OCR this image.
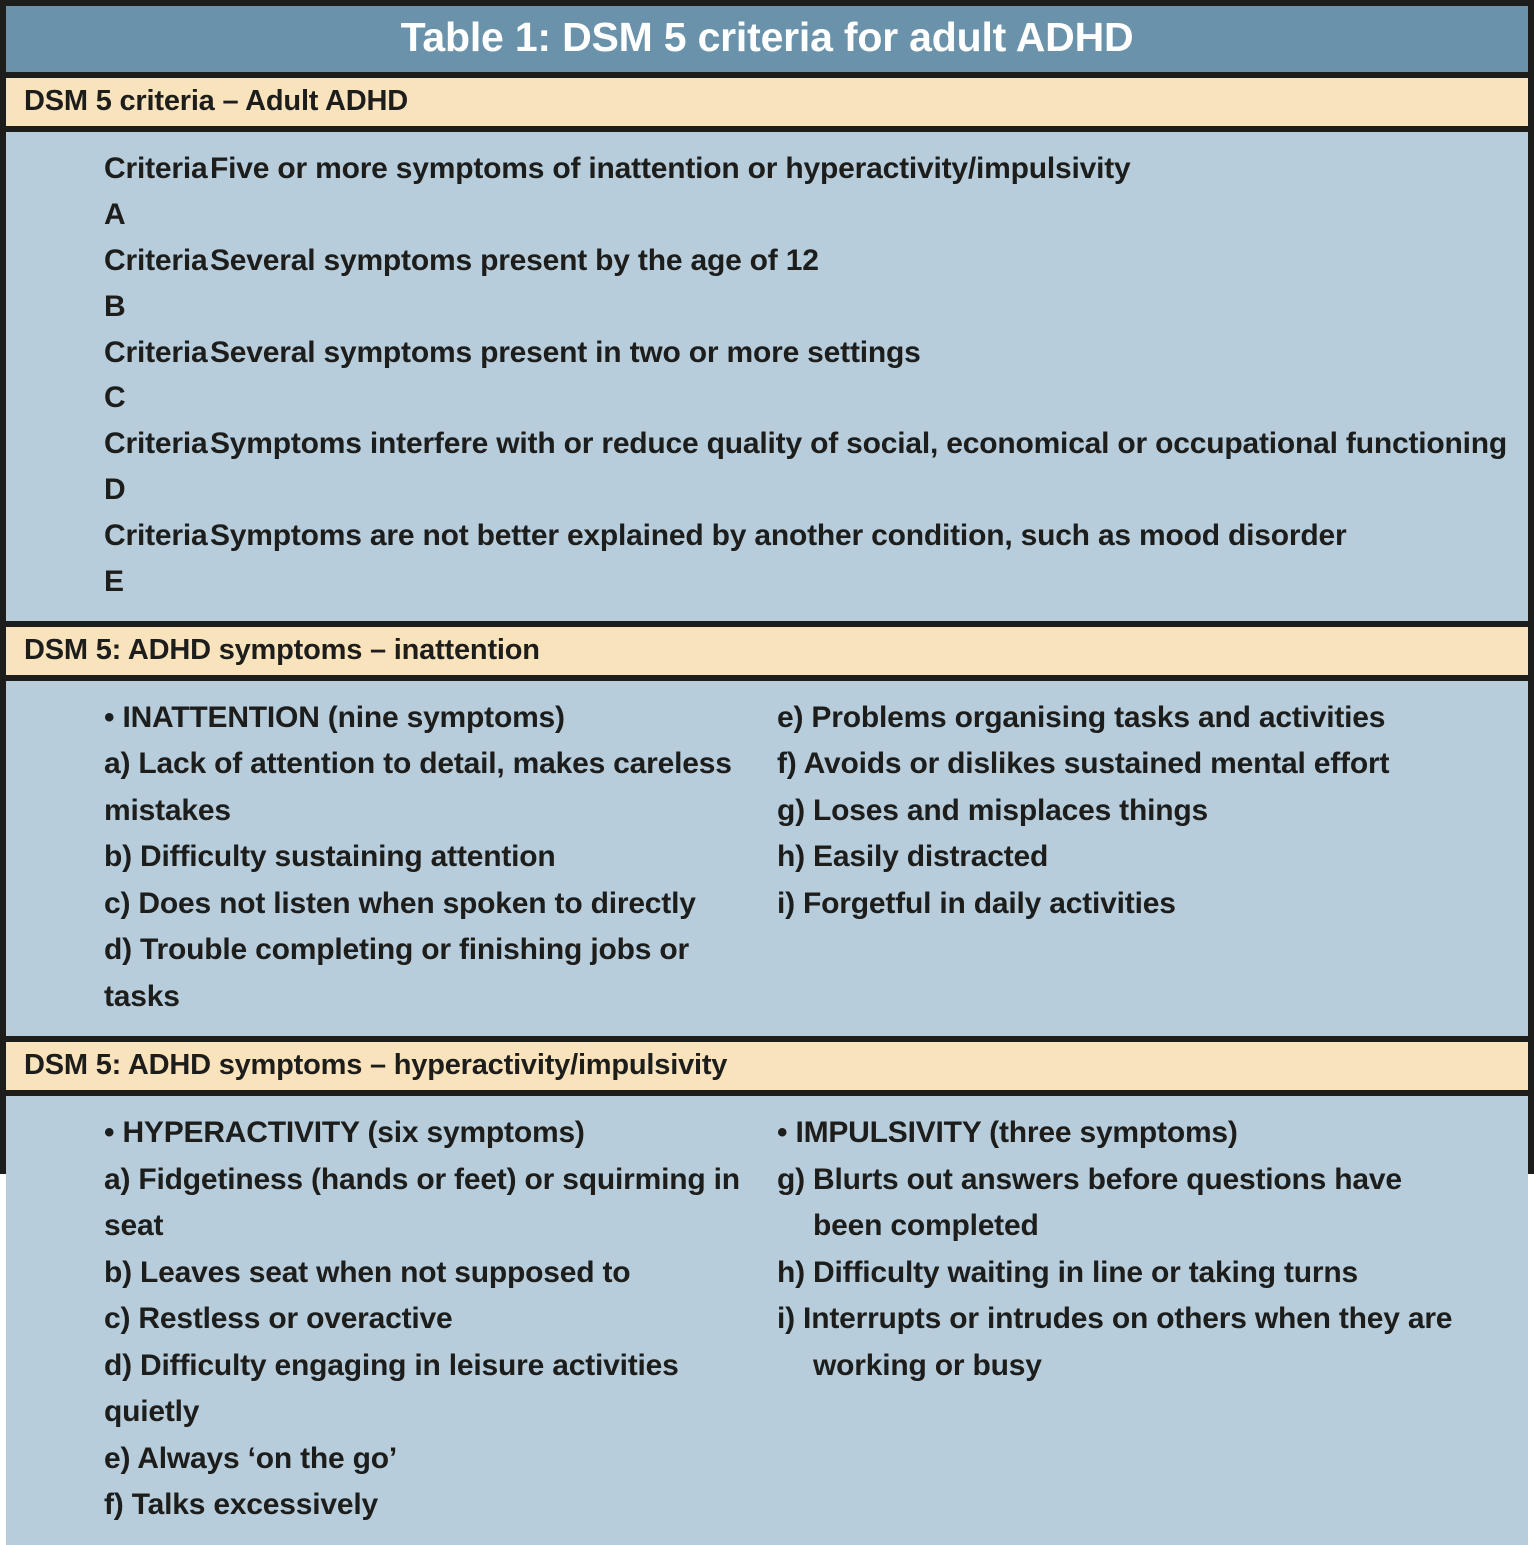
Table 1: DSM 5 criteria for adult ADHD
DSM 5 criteria – Adult ADHD
Criteria A
Five or more symptoms of inattention or hyperactivity/impulsivity
Criteria B
Several symptoms present by the age of 12
Criteria C
Several symptoms present in two or more settings
Criteria D
Symptoms interfere with or reduce quality of social, economical or occupational functioning
Criteria E
Symptoms are not better explained by another condition, such as mood disorder
DSM 5: ADHD symptoms – inattention
• INATTENTION (nine symptoms)
a) Lack of attention to detail, makes careless mistakes
b) Difficulty sustaining attention
c) Does not listen when spoken to directly
d) Trouble completing or finishing jobs or tasks
e) Problems organising tasks and activities
f) Avoids or dislikes sustained mental effort
g) Loses and misplaces things
h) Easily distracted
i) Forgetful in daily activities
DSM 5: ADHD symptoms – hyperactivity/impulsivity
• HYPERACTIVITY (six symptoms)
a) Fidgetiness (hands or feet) or squirming in seat
b) Leaves seat when not supposed to
c) Restless or overactive
d) Difficulty engaging in leisure activities quietly
e) Always ‘on the go’
f) Talks excessively
• IMPULSIVITY (three symptoms)
g) Blurts out answers before questions have
been completed
h) Difficulty waiting in line or taking turns
i) Interrupts or intrudes on others when they are
working or busy
